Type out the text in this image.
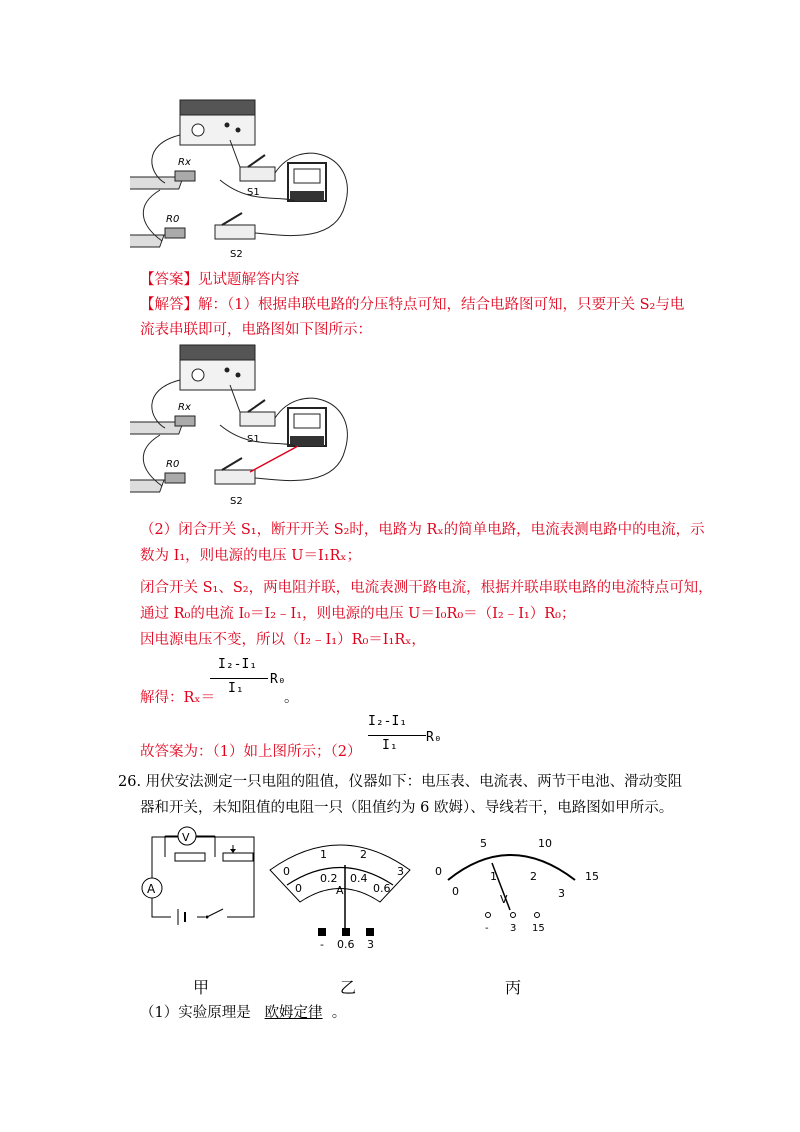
Rx
R0
S1
S2
【答案】见试题解答内容
【解答】解：（1）根据串联电路的分压特点可知，结合电路图可知，只要开关 S₂与电
流表串联即可，电路图如下图所示：
Rx
R0
S1
S2
（2）闭合开关 S₁，断开开关 S₂时，电路为 Rₓ的简单电路，电流表测电路中的电流，示
数为 I₁，则电源的电压 U＝I₁Rₓ；
闭合开关 S₁、S₂，两电阻并联，电流表测干路电流，根据并联串联电路的电流特点可知，
通过 R₀的电流 I₀＝I₂﹣I₁，则电源的电压 U＝I₀R₀＝（I₂﹣I₁）R₀；
因电源电压不变，所以（I₂﹣I₁）R₀＝I₁Rₓ，
解得：Rₓ＝
I₂-I₁
I₁
R₀
。
I₂-I₁
I₁
R₀
故答案为：（1）如上图所示；（2）
26. 用伏安法测定一只电阻的阻值，仪器如下：电压表、电流表、两节干电池、滑动变阻
器和开关，未知阻值的电阻一只（阻值约为 6 欧姆）、导线若干，电路图如甲所示。
A
V
0
1	2
3
0
0.2 0.4
0.6
A
- 0.6 3
0
5	10
15
0
1	2
3
V
- 3 15
甲	乙	丙
（1）实验原理是 欧姆定律 。
